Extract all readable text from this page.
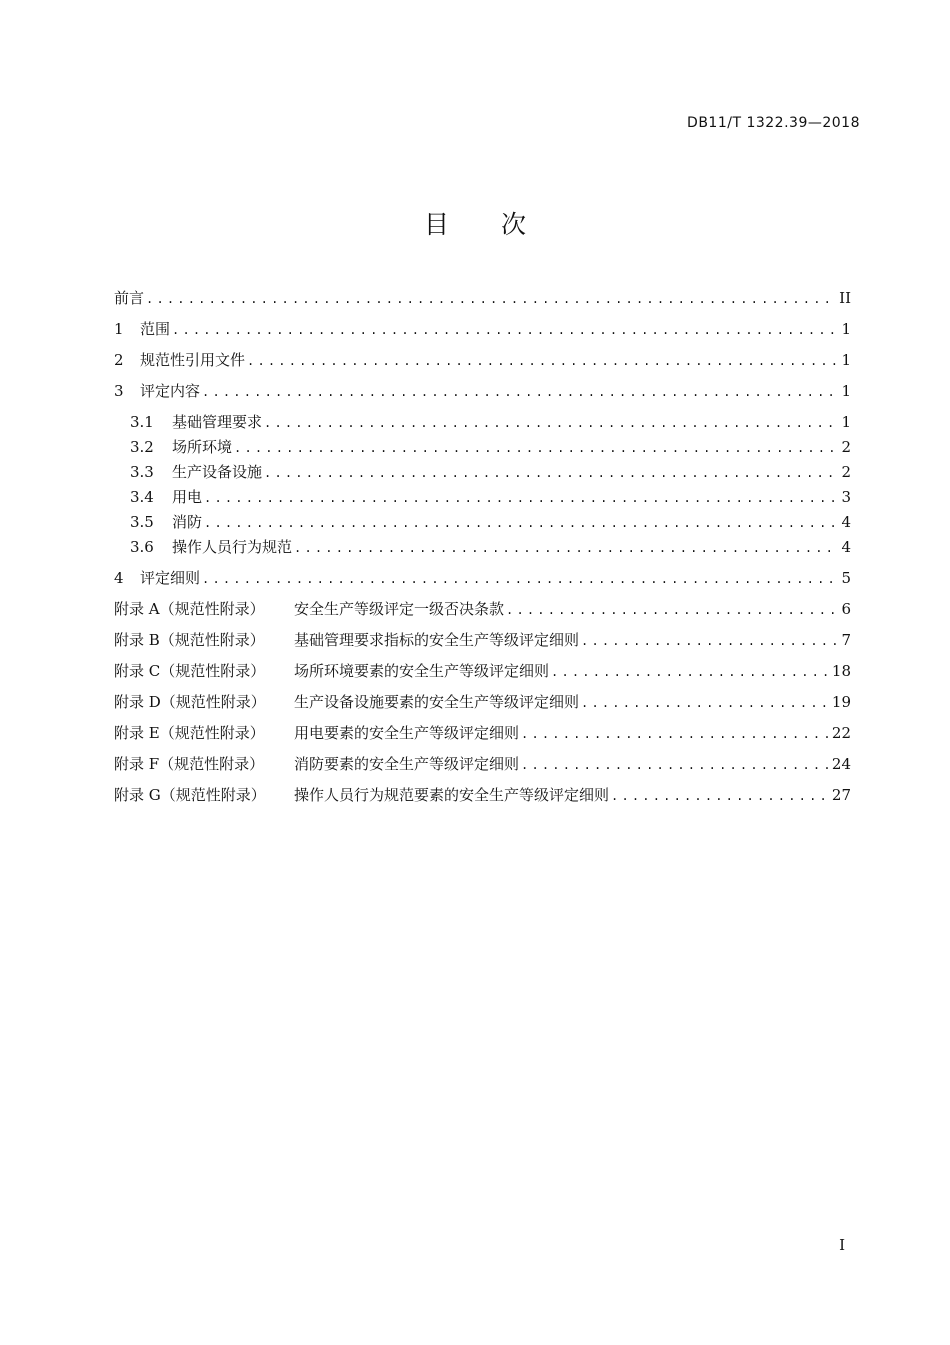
DB11/T 1322.39—2018
目 次
前言 .....	II
1	范围 .....	1
2	规范性引用文件 .....	1
3	评定内容 .....	1
3.1	基础管理要求 .....	1
3.2	场所环境 .....	2
3.3	生产设备设施 .....	2
3.4	用电 .....	3
3.5	消防 .....	4
3.6	操作人员行为规范 .....	4
4	评定细则 .....	5
附录 A（规范性附录）	安全生产等级评定一级否决条款 .....	6
附录 B（规范性附录）	基础管理要求指标的安全生产等级评定细则 .....	7
附录 C（规范性附录）	场所环境要素的安全生产等级评定细则 .....	18
附录 D（规范性附录）	生产设备设施要素的安全生产等级评定细则 .....	19
附录 E（规范性附录）	用电要素的安全生产等级评定细则 .....	22
附录 F（规范性附录）	消防要素的安全生产等级评定细则 .....	24
附录 G（规范性附录）	操作人员行为规范要素的安全生产等级评定细则 .....	27
I
